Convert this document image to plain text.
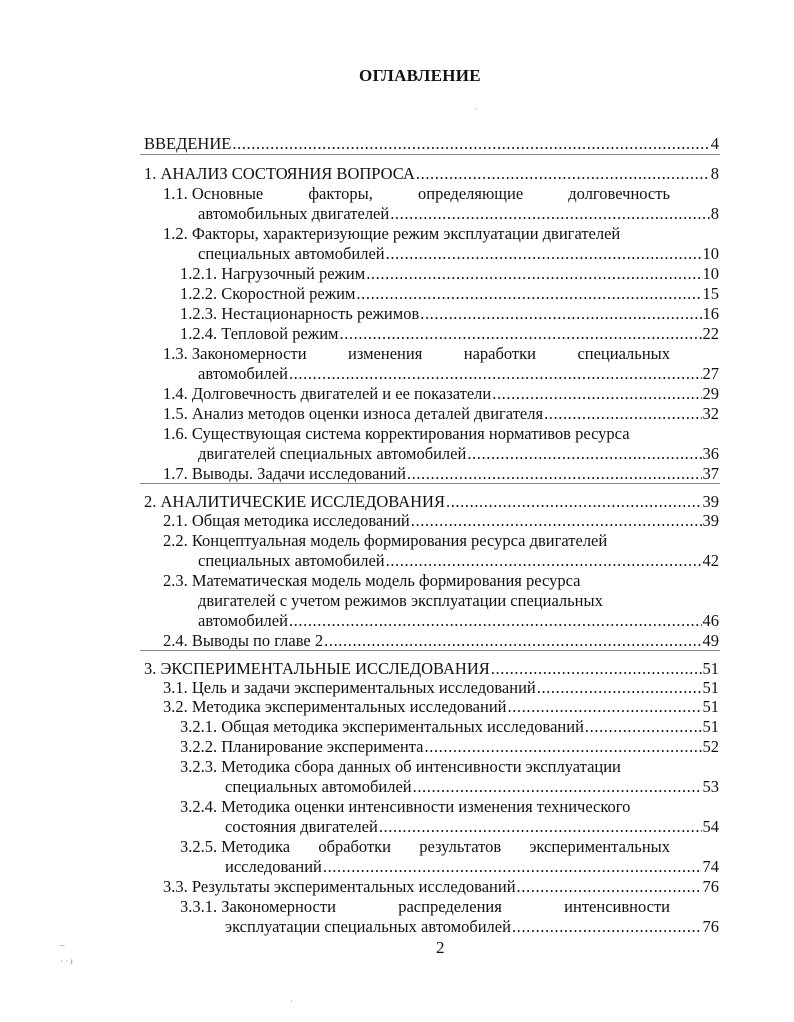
ОГЛАВЛЕНИЕ
ВВЕДЕНИЕ .....	4
1. АНАЛИЗ СОСТОЯНИЯ ВОПРОСА .....	8
1.1. Основные	факторы,	определяющие	долговечность
автомобильных двигателей .....	8
1.2. Факторы, характеризующие режим эксплуатации двигателей
специальных автомобилей .....	10
1.2.1. Нагрузочный режим .....	10
1.2.2. Скоростной режим .....	15
1.2.3. Нестационарность режимов .....	16
1.2.4. Тепловой режим .....	22
1.3. Закономерности	изменения	наработки	специальных
автомобилей .....	27
1.4. Долговечность двигателей и ее показатели .....	29
1.5. Анализ методов оценки износа деталей двигателя .....	32
1.6. Существующая система корректирования нормативов ресурса
двигателей специальных автомобилей .....	36
1.7. Выводы. Задачи исследований .....	37
2. АНАЛИТИЧЕСКИЕ ИССЛЕДОВАНИЯ .....	39
2.1. Общая методика исследований .....	39
2.2. Концептуальная модель формирования ресурса двигателей
специальных автомобилей .....	42
2.3. Математическая модель модель формирования ресурса
двигателей с учетом режимов эксплуатации специальных
автомобилей .....	46
2.4. Выводы по главе 2 .....	49
3. ЭКСПЕРИМЕНТАЛЬНЫЕ ИССЛЕДОВАНИЯ .....	51
3.1. Цель и задачи экспериментальных исследований .....	51
3.2. Методика экспериментальных исследований .....	51
3.2.1. Общая методика экспериментальных исследований .....	51
3.2.2. Планирование эксперимента .....	52
3.2.3. Методика сбора данных об интенсивности эксплуатации
специальных автомобилей .....	53
3.2.4. Методика оценки интенсивности изменения технического
состояния двигателей .....	54
3.2.5. Методика обработки результатов экспериментальных
исследований .....	74
3.3. Результаты экспериментальных исследований .....	76
3.3.1. Закономерности	распределения	интенсивности
эксплуатации специальных автомобилей .....	76
2
–
· · ı
·
·
